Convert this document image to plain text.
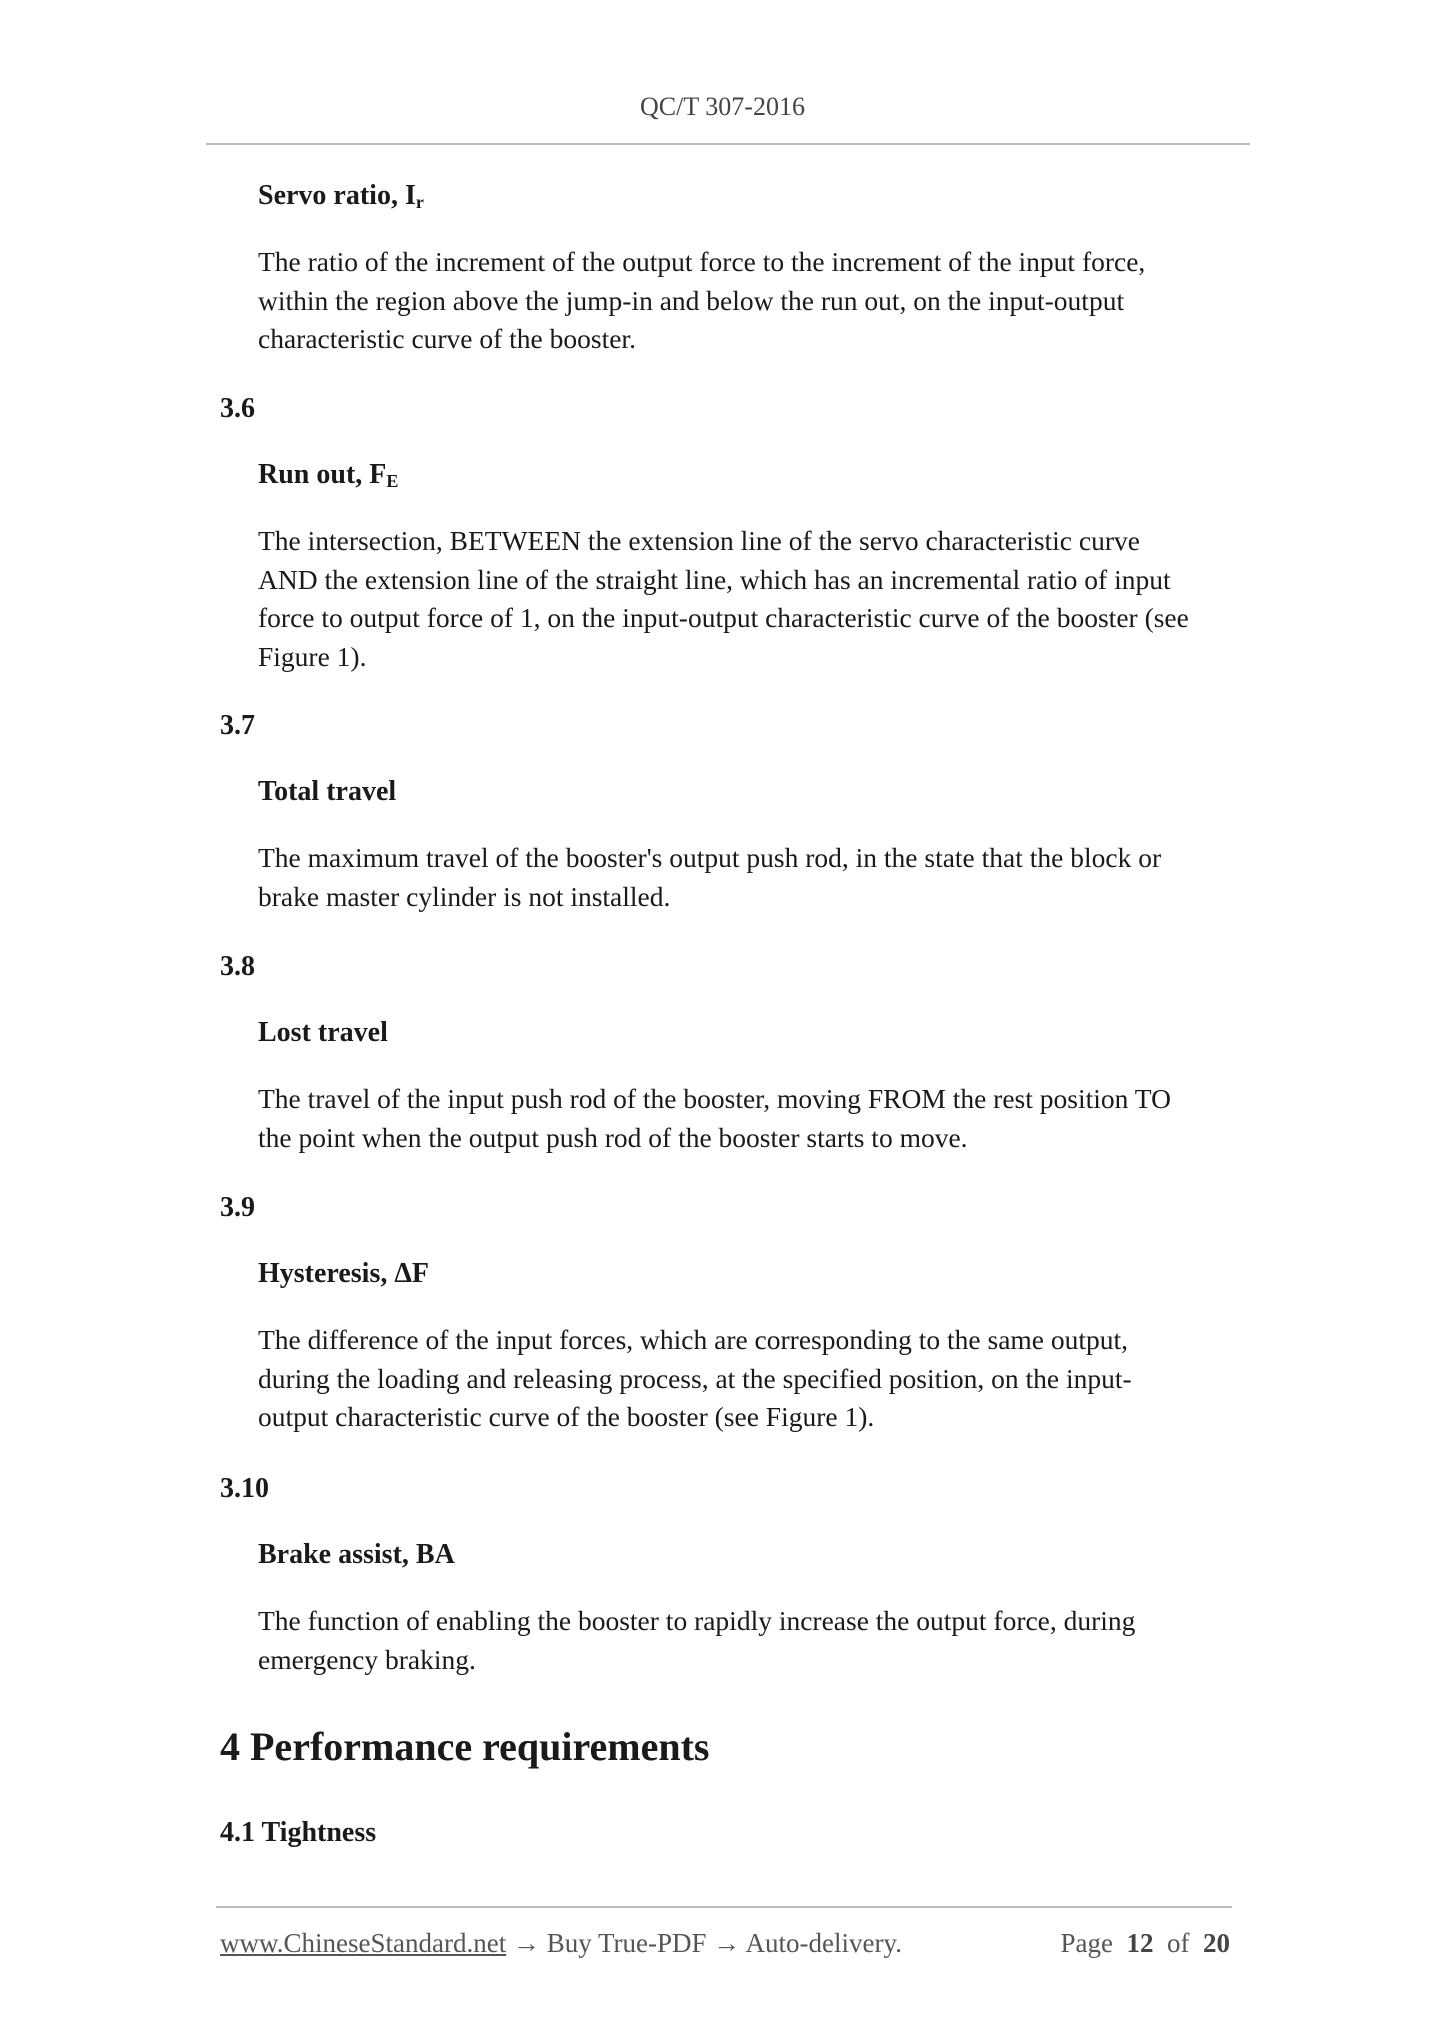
QC/T 307-2016
Servo ratio, $I_r$
The ratio of the increment of the output force to the increment of the input force,
within the region above the jump-in and below the run out, on the input-output
characteristic curve of the booster.
3.6
Run out, $F_E$
The intersection, BETWEEN the extension line of the servo characteristic curve
AND the extension line of the straight line, which has an incremental ratio of input
force to output force of 1, on the input-output characteristic curve of the booster (see
Figure 1).
3.7
Total travel
The maximum travel of the booster's output push rod, in the state that the block or
brake master cylinder is not installed.
3.8
Lost travel
The travel of the input push rod of the booster, moving FROM the rest position TO
the point when the output push rod of the booster starts to move.
3.9
Hysteresis, ΔF
The difference of the input forces, which are corresponding to the same output,
during the loading and releasing process, at the specified position, on the input-
output characteristic curve of the booster (see Figure 1).
3.10
Brake assist, BA
The function of enabling the booster to rapidly increase the output force, during
emergency braking.
4 Performance requirements
4.1 Tightness
www.ChineseStandard.net → Buy True-PDF → Auto-delivery.	Page 12 of 20
